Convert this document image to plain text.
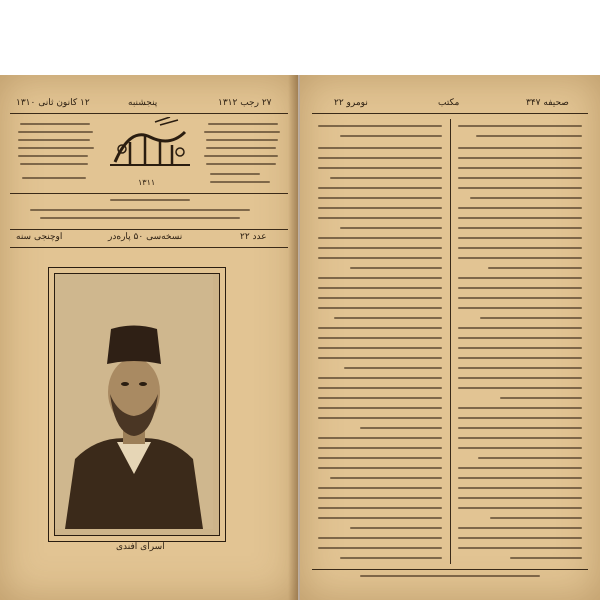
۱۲ كانون ثانی ۱۳۱۰	پنجشنبه	۲۷ رجب ۱۳۱۲
۱۳۱۱
اوچنجی سنه	نسخه‌سی ۵۰ پاره‌در	عدد ۲۲
اسرای افندی
نومرو ۲۲	مكتب	صحیفه ۳۴۷
